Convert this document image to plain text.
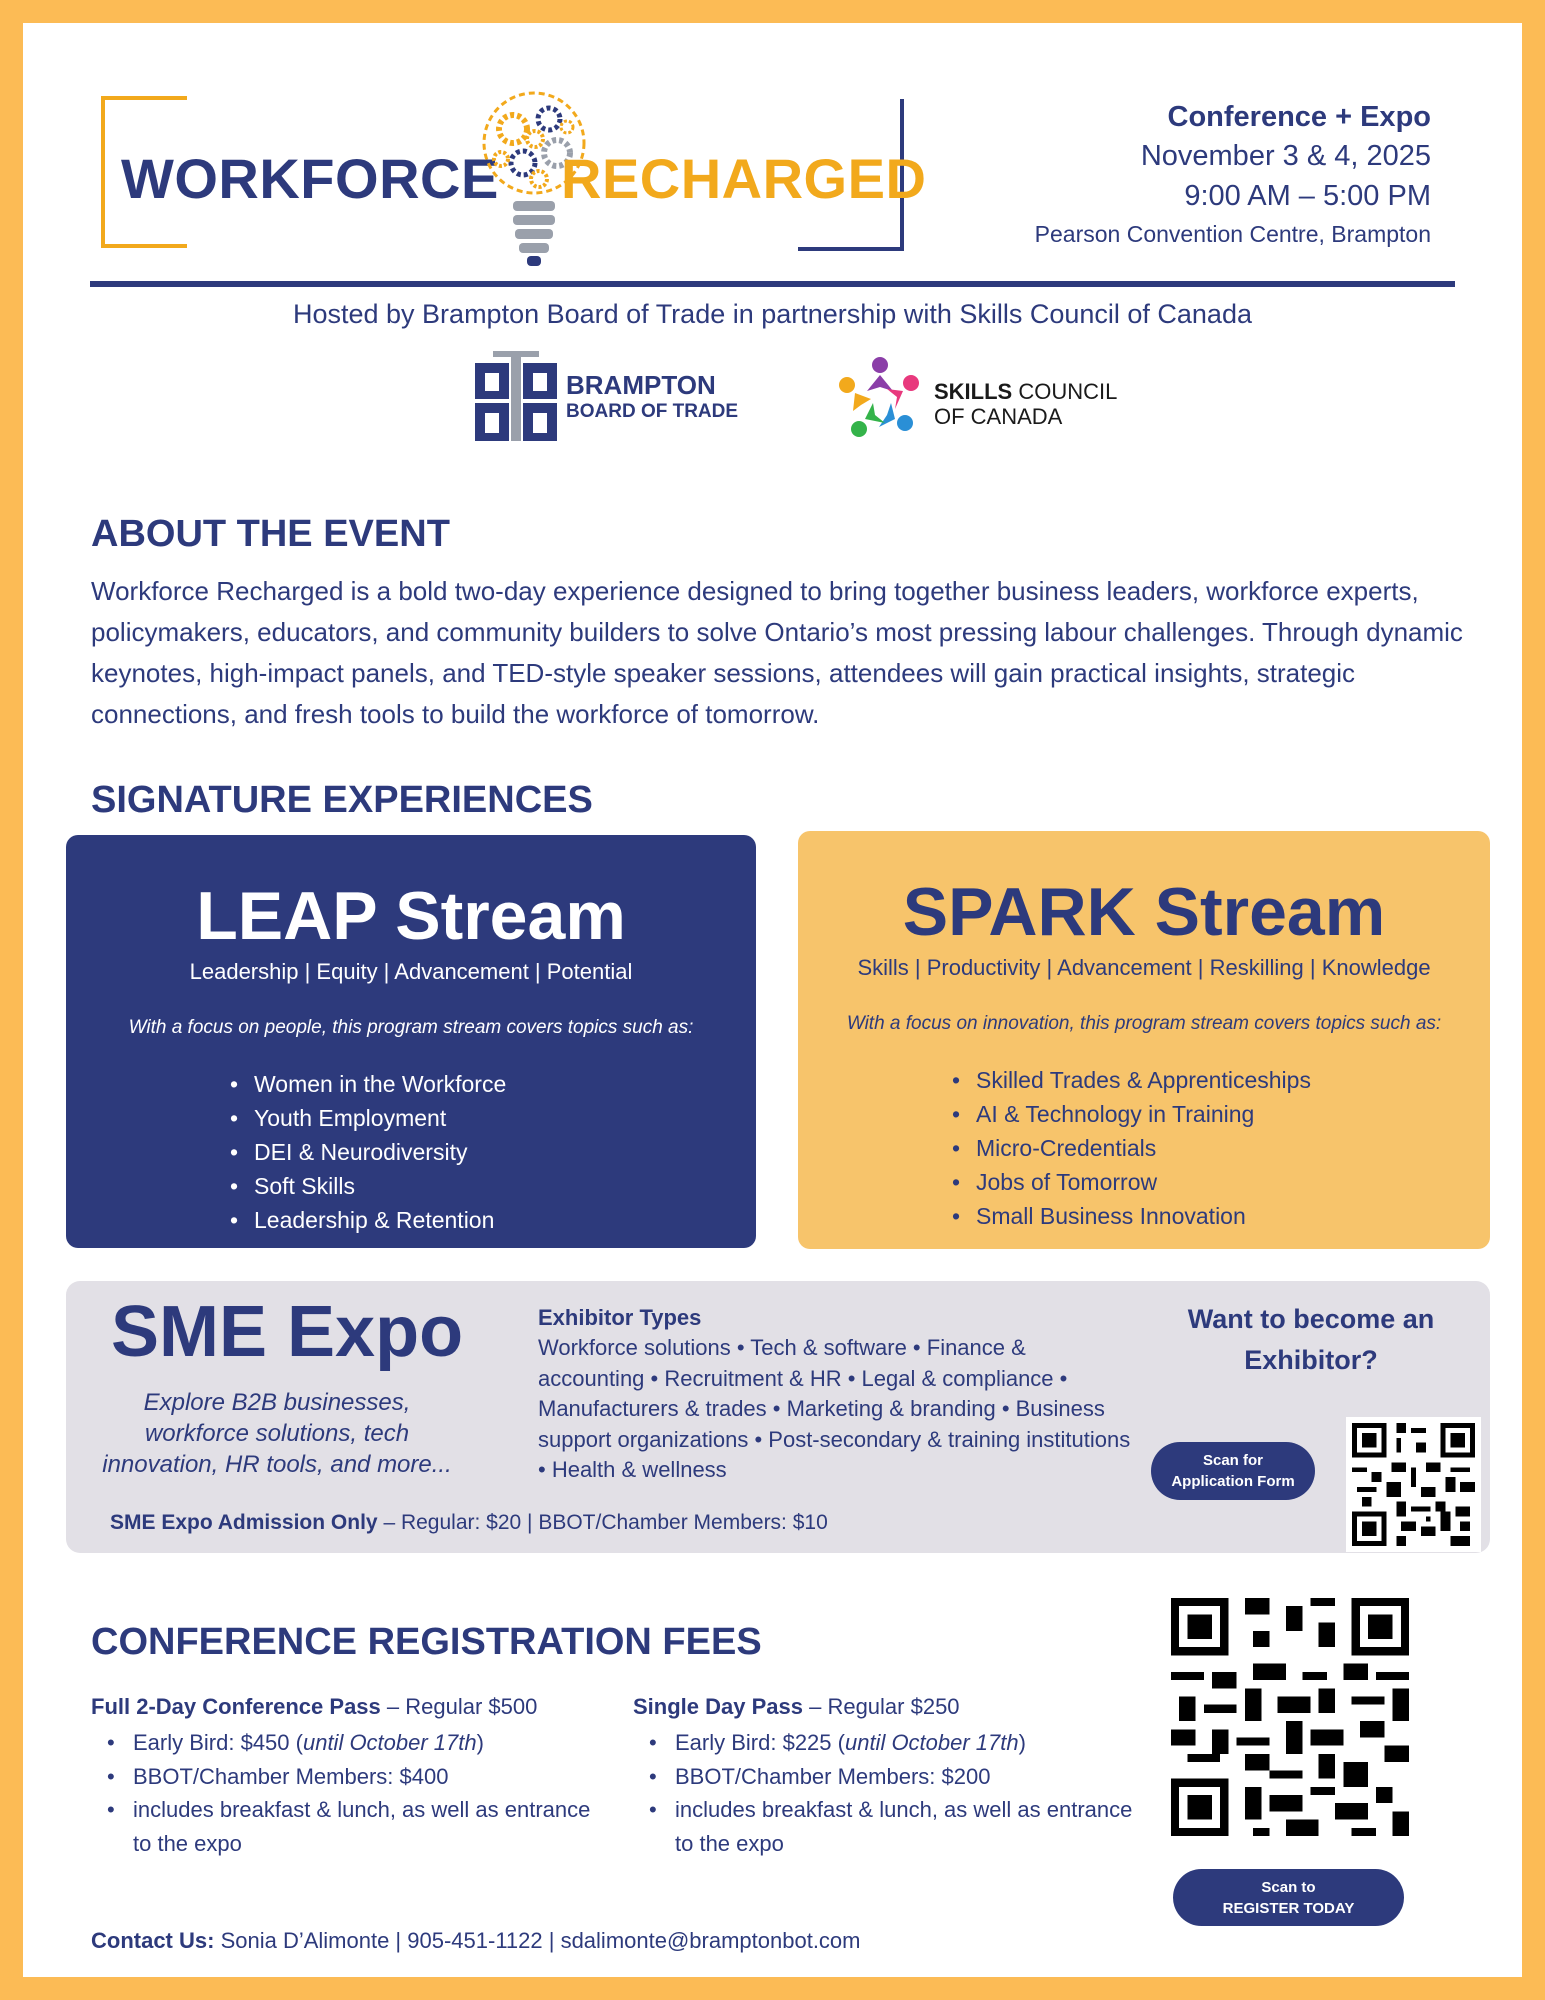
WORKFORCE RECHARGED
Conference + Expo
November 3 & 4, 2025
9:00 AM – 5:00 PM
Pearson Convention Centre, Brampton
Hosted by Brampton Board of Trade in partnership with Skills Council of Canada
BRAMPTON
BOARD OF TRADE
SKILLS COUNCIL
OF CANADA
ABOUT THE EVENT

Workforce Recharged is a bold two-day experience designed to bring together business leaders, workforce experts, policymakers, educators, and community builders to solve Ontario’s most pressing labour challenges. Through dynamic keynotes, high-impact panels, and TED-style speaker sessions, attendees will gain practical insights, strategic connections, and fresh tools to build the workforce of tomorrow.

SIGNATURE EXPERIENCES
LEAP Stream
Leadership | Equity | Advancement | Potential
With a focus on people, this program stream covers topics such as:
• Women in the Workforce
• Youth Employment
• DEI & Neurodiversity
• Soft Skills
• Leadership & Retention
SPARK Stream
Skills | Productivity | Advancement | Reskilling | Knowledge
With a focus on innovation, this program stream covers topics such as:
• Skilled Trades & Apprenticeships
• AI & Technology in Training
• Micro-Credentials
• Jobs of Tomorrow
• Small Business Innovation
SME Expo
Explore B2B businesses, workforce solutions, tech innovation, HR tools, and more...
Exhibitor Types
Workforce solutions • Tech & software • Finance & accounting • Recruitment & HR • Legal & compliance • Manufacturers & trades • Marketing & branding • Business support organizations • Post-secondary & training institutions • Health & wellness
Want to become an Exhibitor?
Scan for
Application Form
SME Expo Admission Only – Regular: $20 | BBOT/Chamber Members: $10
CONFERENCE REGISTRATION FEES
Full 2-Day Conference Pass – Regular $500
• Early Bird: $450 (until October 17th)
• BBOT/Chamber Members: $400
• includes breakfast & lunch, as well as entrance to the expo
Single Day Pass – Regular $250
• Early Bird: $225 (until October 17th)
• BBOT/Chamber Members: $200
• includes breakfast & lunch, as well as entrance to the expo
Scan to
REGISTER TODAY
Contact Us: Sonia D’Alimonte | 905-451-1122 | sdalimonte@bramptonbot.com
